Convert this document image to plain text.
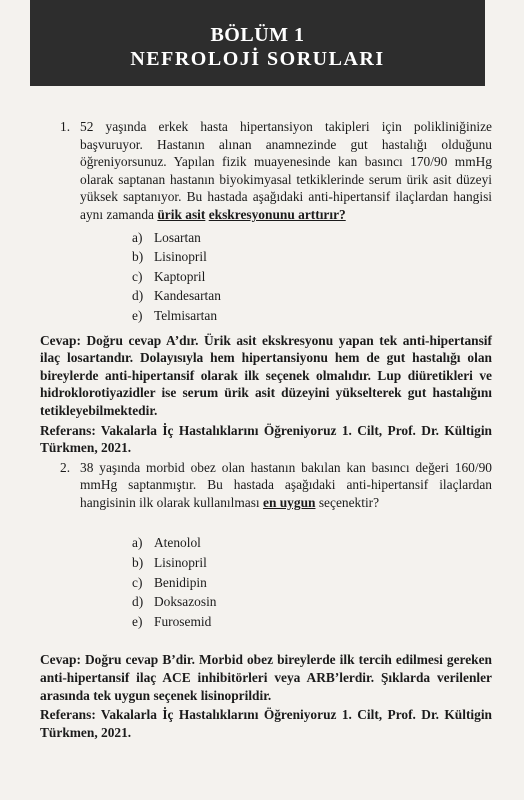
BÖLÜM 1
NEFROLOJİ SORULARI
1. 52 yaşında erkek hasta hipertansiyon takipleri için polikliniğinize başvuruyor. Hastanın alınan anamnezinde gut hastalığı olduğunu öğreniyorsunuz. Yapılan fizik muayenesinde kan basıncı 170/90 mmHg olarak saptanan hastanın biyokimyasal tetkiklerinde serum ürik asit düzeyi yüksek saptanıyor. Bu hastada aşağıdaki anti-hipertansif ilaçlardan hangisi aynı zamanda ürik asit ekskresyonunu arttırır?
a) Losartan
b) Lisinopril
c) Kaptopril
d) Kandesartan
e) Telmisartan
Cevap: Doğru cevap A’dır. Ürik asit ekskresyonu yapan tek anti-hipertansif ilaç losartandır. Dolayısıyla hem hipertansiyonu hem de gut hastalığı olan bireylerde anti-hipertansif olarak ilk seçenek olmalıdır. Lup diüretikleri ve hidroklorotiyazidler ise serum ürik asit düzeyini yükselterek gut hastalığını tetikleyebilmektedir.
Referans: Vakalarla İç Hastalıklarını Öğreniyoruz 1. Cilt, Prof. Dr. Kültigin Türkmen, 2021.
2. 38 yaşında morbid obez olan hastanın bakılan kan basıncı değeri 160/90 mmHg saptanmıştır. Bu hastada aşağıdaki anti-hipertansif ilaçlardan hangisinin ilk olarak kullanılması en uygun seçenektir?
a) Atenolol
b) Lisinopril
c) Benidipin
d) Doksazosin
e) Furosemid
Cevap: Doğru cevap B’dir. Morbid obez bireylerde ilk tercih edilmesi gereken anti-hipertansif ilaç ACE inhibitörleri veya ARB’lerdir. Şıklarda verilenler arasında tek uygun seçenek lisinoprildir.
Referans: Vakalarla İç Hastalıklarını Öğreniyoruz 1. Cilt, Prof. Dr. Kültigin Türkmen, 2021.
